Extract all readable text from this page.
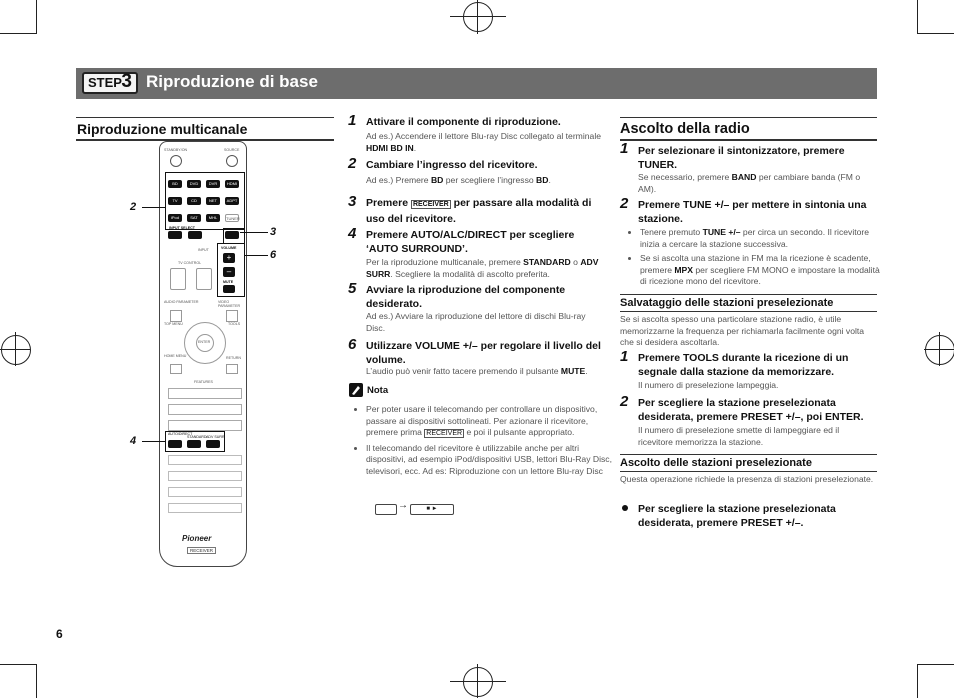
STEP 3 Riproduzione di base
Riproduzione multicanale
STANDBY/ON	SOURCE
BD	DVD	DVR	HDMI
TV	CD	NET	ADPT
iPod	SAT	MHL	TUNER
INPUT SELECT
TV CONTROL
INPUT	VOLUME
+
–
MUTE
AUDIO PARAMETER	VIDEO PARAMETER
TOP MENU	TOOLS
ENTER
HOME MENU	RETURN
FEATURES
AUTO/DIRECT
STANDARD ADV SURR
Pioneer
RECEIVER
2
3
6
4
1 Attivare il componente di riproduzione.
Ad es.) Accendere il lettore Blu-ray Disc collegato al terminale HDMI BD IN.
2 Cambiare l’ingresso del ricevitore.
Ad es.) Premere BD per scegliere l’ingresso BD.
3 Premere RECEIVER per passare alla modalità di uso del ricevitore.
4 Premere AUTO/ALC/DIRECT per scegliere ‘AUTO SURROUND’.
Per la riproduzione multicanale, premere STANDARD o ADV SURR. Scegliere la modalità di ascolto preferita.
5 Avviare la riproduzione del componente desiderato.
Ad es.) Avviare la riproduzione del lettore di dischi Blu-ray Disc.
6 Utilizzare VOLUME +/– per regolare il livello del volume.
L’audio può venir fatto tacere premendo il pulsante MUTE.
Nota
• Per poter usare il telecomando per controllare un dispositivo, passare ai dispositivi sottolineati. Per azionare il ricevitore, premere prima RECEIVER e poi il pulsante appropriato.
• Il telecomando del ricevitore è utilizzabile anche per altri dispositivi, ad esempio iPod/dispositivi USB, lettori Blu-Ray Disc, televisori, ecc. Ad es: Riproduzione con un lettore Blu-ray Disc
→	■ ►
Ascolto della radio
1 Per selezionare il sintonizzatore, premere TUNER.
Se necessario, premere BAND per cambiare banda (FM o AM).
2 Premere TUNE +/– per mettere in sintonia una stazione.
• Tenere premuto TUNE +/– per circa un secondo. Il ricevitore inizia a cercare la stazione successiva.
• Se si ascolta una stazione in FM ma la ricezione è scadente, premere MPX per scegliere FM MONO e impostare la modalità di ricezione mono del ricevitore.
Salvataggio delle stazioni preselezionate
Se si ascolta spesso una particolare stazione radio, è utile memorizzarne la frequenza per richiamarla facilmente ogni volta che si desidera ascoltarla.
1 Premere TOOLS durante la ricezione di un segnale dalla stazione da memorizzare.
Il numero di preselezione lampeggia.
2 Per scegliere la stazione preselezionata desiderata, premere PRESET +/–, poi ENTER.
Il numero di preselezione smette di lampeggiare ed il ricevitore memorizza la stazione.
Ascolto delle stazioni preselezionate
Questa operazione richiede la presenza di stazioni preselezionate.
Per scegliere la stazione preselezionata desiderata, premere PRESET +/–.
6
